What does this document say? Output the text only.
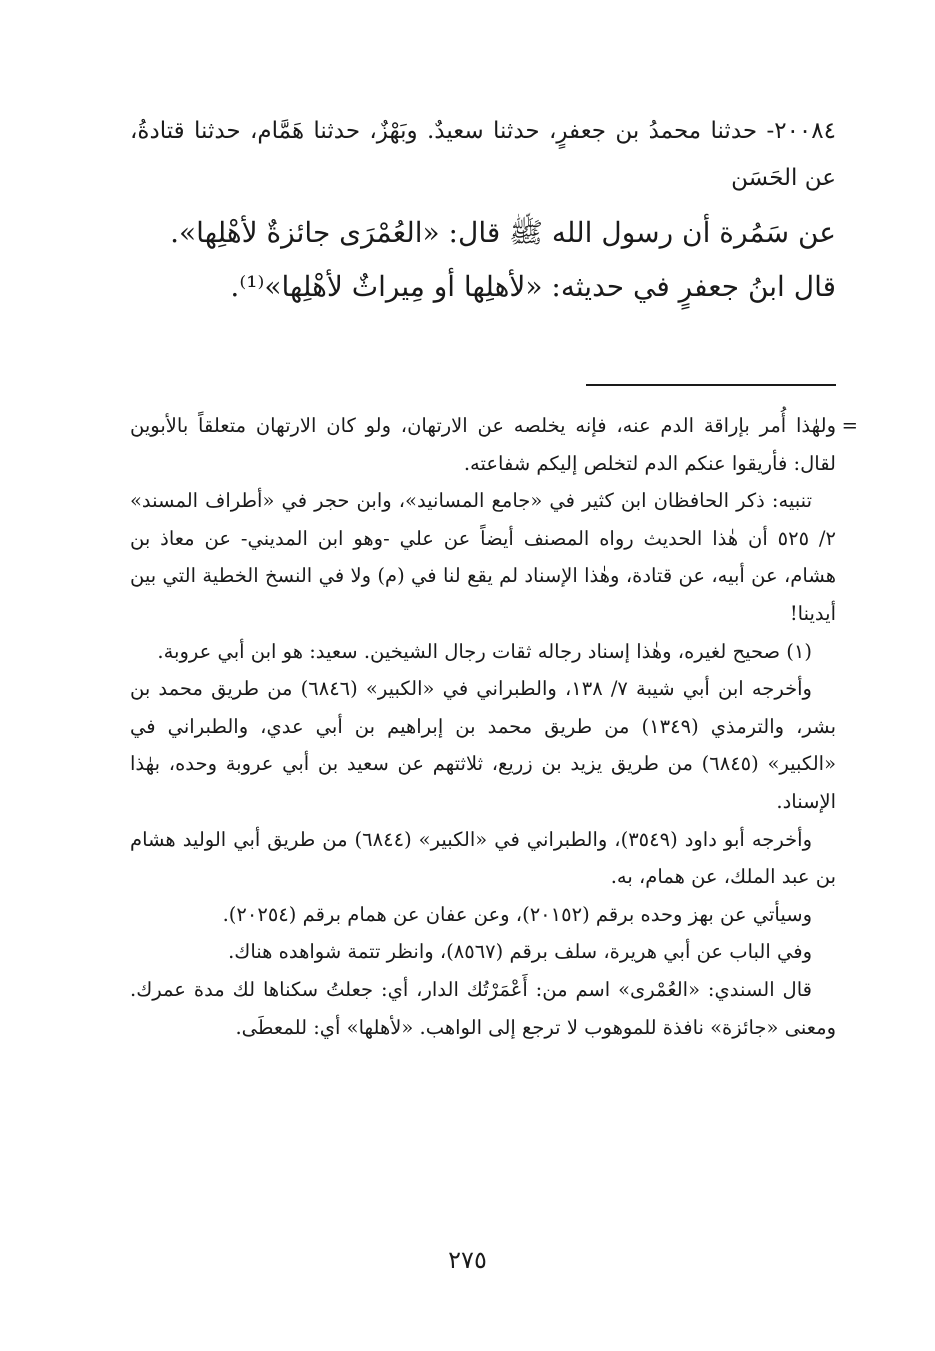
٢٠٠٨٤- حدثنا محمدُ بن جعفرٍ، حدثنا سعيدٌ. وبَهْزٌ، حدثنا هَمَّام، حدثنا قتادةُ، عن الحَسَن
عن سَمُرة أن رسول الله ﷺ قال: «العُمْرَى جائزةٌ لأهْلِها».
قال ابنُ جعفرٍ في حديثه: «لأهلِها أو مِيراثٌ لأهْلِها»⁽¹⁾.

=
ولهٰذا أُمر بإراقة الدم عنه، فإنه يخلصه عن الارتهان، ولو كان الارتهان متعلقاً بالأبوين لقال: فأريقوا عنكم الدم لتخلص إليكم شفاعته.

تنبيه: ذكر الحافظان ابن كثير في «جامع المسانيد»، وابن حجر في «أطراف المسند» ٢/ ٥٢٥ أن هٰذا الحديث رواه المصنف أيضاً عن علي -وهو ابن المديني- عن معاذ بن هشام، عن أبيه، عن قتادة، وهٰذا الإسناد لم يقع لنا في (م) ولا في النسخ الخطية التي بين أيدينا!

(١) صحيح لغيره، وهٰذا إسناد رجاله ثقات رجال الشيخين. سعيد: هو ابن أبي عروبة.

وأخرجه ابن أبي شيبة ٧/ ١٣٨، والطبراني في «الكبير» (٦٨٤٦) من طريق محمد بن بشر، والترمذي (١٣٤٩) من طريق محمد بن إبراهيم بن أبي عدي، والطبراني في «الكبير» (٦٨٤٥) من طريق يزيد بن زريع، ثلاثتهم عن سعيد بن أبي عروبة وحده، بهٰذا الإسناد.

وأخرجه أبو داود (٣٥٤٩)، والطبراني في «الكبير» (٦٨٤٤) من طريق أبي الوليد هشام بن عبد الملك، عن همام، به.

وسيأتي عن بهز وحده برقم (٢٠١٥٢)، وعن عفان عن همام برقم (٢٠٢٥٤).

وفي الباب عن أبي هريرة، سلف برقم (٨٥٦٧)، وانظر تتمة شواهده هناك.

قال السندي: «العُمْرى» اسم من: أَعْمَرْتُك الدار، أي: جعلتُ سكناها لك مدة عمرك. ومعنى «جائزة» نافذة للموهوب لا ترجع إلى الواهب. «لأهلها» أي: للمعطَى.

٢٧٥
